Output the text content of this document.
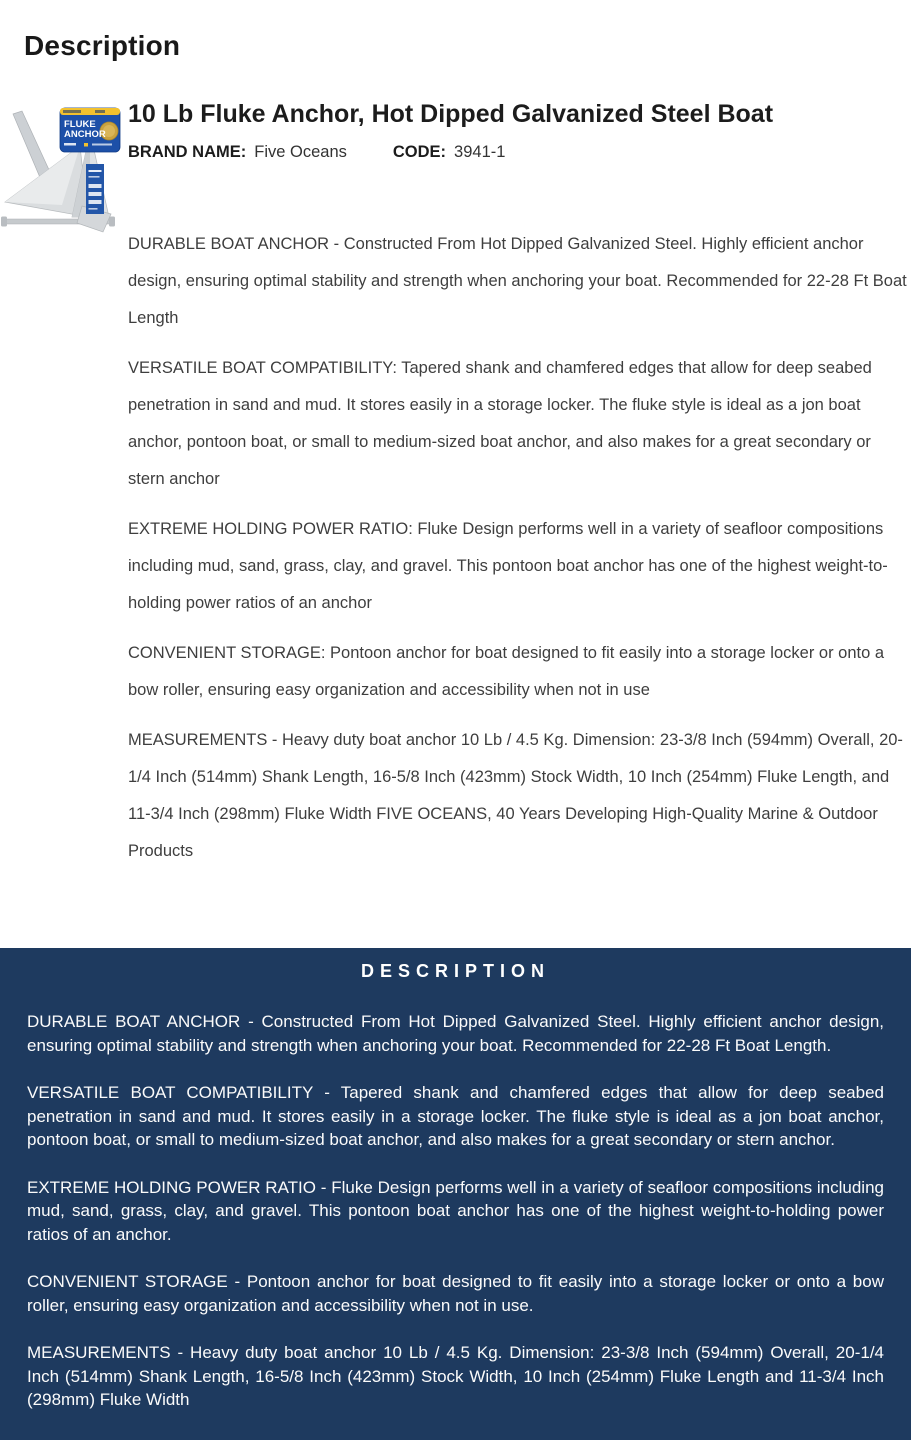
Description
FLUKE
ANCHOR
10 Lb Fluke Anchor, Hot Dipped Galvanized Steel Boat
BRAND NAME: Five Oceans	CODE: 3941-1

DURABLE BOAT ANCHOR - Constructed From Hot Dipped Galvanized Steel. Highly efficient anchor design, ensuring optimal stability and strength when anchoring your boat. Recommended for 22-28 Ft Boat Length

VERSATILE BOAT COMPATIBILITY: Tapered shank and chamfered edges that allow for deep seabed penetration in sand and mud. It stores easily in a storage locker. The fluke style is ideal as a jon boat anchor, pontoon boat, or small to medium-sized boat anchor, and also makes for a great secondary or stern anchor

EXTREME HOLDING POWER RATIO: Fluke Design performs well in a variety of seafloor compositions including mud, sand, grass, clay, and gravel. This pontoon boat anchor has one of the highest weight-to-holding power ratios of an anchor

CONVENIENT STORAGE: Pontoon anchor for boat designed to fit easily into a storage locker or onto a bow roller, ensuring easy organization and accessibility when not in use

MEASUREMENTS - Heavy duty boat anchor 10 Lb / 4.5 Kg. Dimension: 23-3/8 Inch (594mm) Overall, 20-1/4 Inch (514mm) Shank Length, 16-5/8 Inch (423mm) Stock Width, 10 Inch (254mm) Fluke Length, and 11-3/4 Inch (298mm) Fluke Width FIVE OCEANS, 40 Years Developing High-Quality Marine & Outdoor Products

DESCRIPTION

DURABLE BOAT ANCHOR - Constructed From Hot Dipped Galvanized Steel. Highly efficient anchor design, ensuring optimal stability and strength when anchoring your boat. Recommended for 22-28 Ft Boat Length.

VERSATILE BOAT COMPATIBILITY - Tapered shank and chamfered edges that allow for deep seabed penetration in sand and mud. It stores easily in a storage locker. The fluke style is ideal as a jon boat anchor, pontoon boat, or small to medium-sized boat anchor, and also makes for a great secondary or stern anchor.

EXTREME HOLDING POWER RATIO - Fluke Design performs well in a variety of seafloor compositions including mud, sand, grass, clay, and gravel. This pontoon boat anchor has one of the highest weight-to-holding power ratios of an anchor.

CONVENIENT STORAGE - Pontoon anchor for boat designed to fit easily into a storage locker or onto a bow roller, ensuring easy organization and accessibility when not in use.

MEASUREMENTS - Heavy duty boat anchor 10 Lb / 4.5 Kg. Dimension: 23-3/8 Inch (594mm) Overall, 20-1/4 Inch (514mm) Shank Length, 16-5/8 Inch (423mm) Stock Width, 10 Inch (254mm) Fluke Length and 11-3/4 Inch (298mm) Fluke Width
